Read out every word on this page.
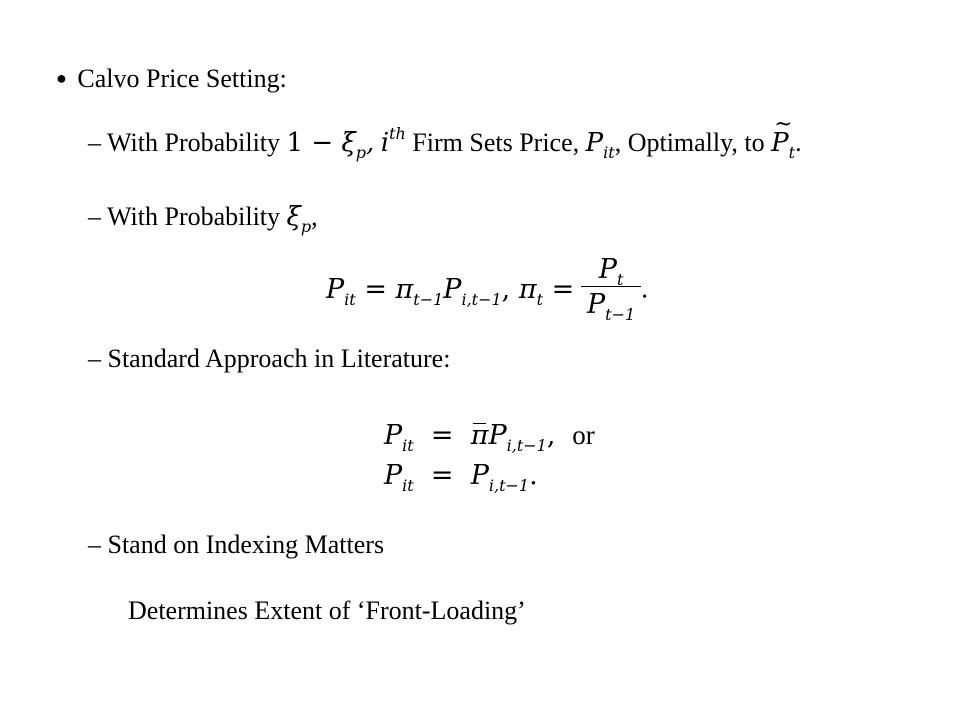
● Calvo Price Setting:
– With Probability $1 - \xi_p$, $i^{th}$ Firm Sets Price, $P_{it}$, Optimally, to P
~
$_t$.
– With Probability $\xi_p$,
$P_{it} = \pi_{t-1}P_{i,t-1}$, $\pi_t = \frac{P_t}{P_{t-1}}$ .
– Standard Approach in Literature:
$P_{it} = \pi$
$P_{i,t-1}$, or
$P_{it} = P_{i,t-1}$.
– Stand on Indexing Matters
Determines Extent of ‘Front-Loading’
